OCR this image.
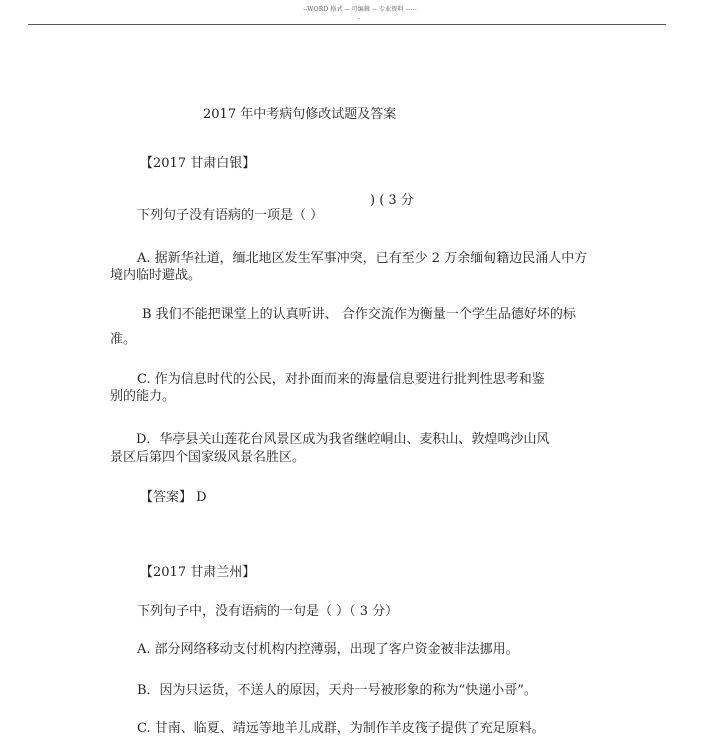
--WORD 格式 -- 可编辑 -- 专业资料 -----
-
2017 年中考病句修改试题及答案
【2017 甘肃白银】
) ( 3 分
下列句子没有语病的一项是（ ）
A. 据新华社道，缅北地区发生军事冲突，已有至少 2 万余缅甸籍边民涌人中方
境内临时避战。
B 我们不能把课堂上的认真听讲、 合作交流作为衡量一个学生品德好坏的标
准。
C. 作为信息时代的公民，对扑面而来的海量信息要进行批判性思考和鉴
别的能力。
D．华亭县关山莲花台风景区成为我省继崆峒山、麦积山、敦煌鸣沙山风
景区后第四个国家级风景名胜区。
【答案】 D
【2017 甘肃兰州】
下列句子中，没有语病的一句是（ ）（ 3 分）
A. 部分网络移动支付机构内控薄弱，出现了客户资金被非法挪用。
B．因为只运货，不送人的原因，天舟一号被形象的称为“快递小哥”。
C. 甘南、临夏、靖远等地羊儿成群，为制作羊皮筏子提供了充足原料。
